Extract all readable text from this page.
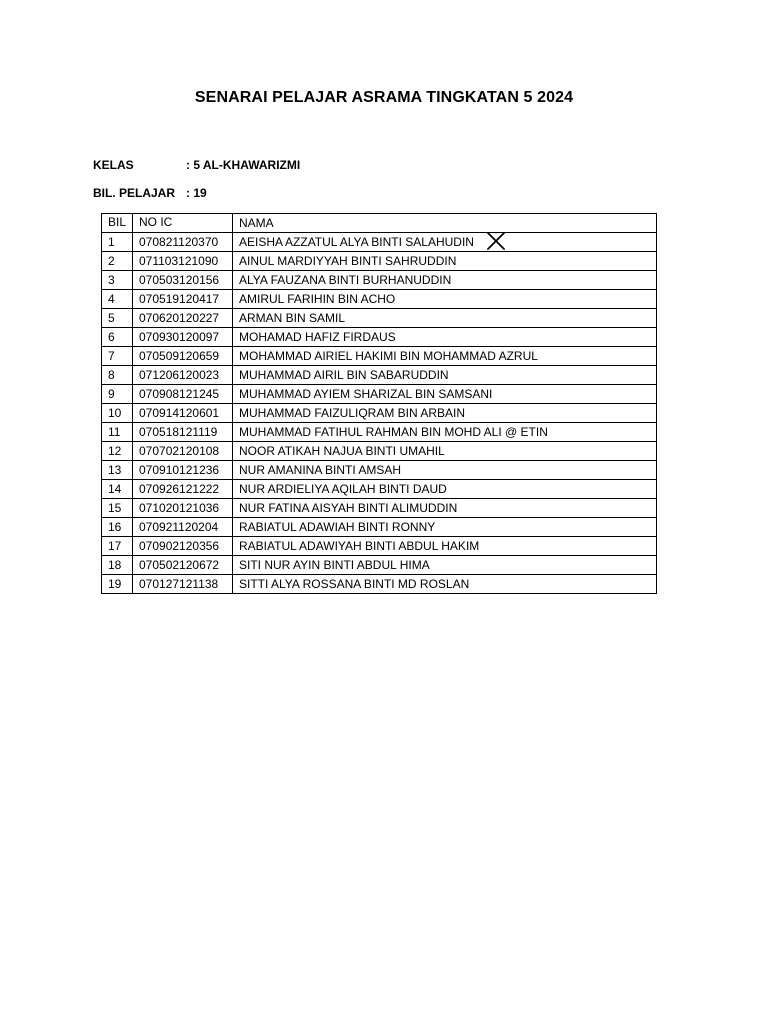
SENARAI PELAJAR ASRAMA TINGKATAN 5 2024
KELAS	: 5 AL-KHAWARIZMI
BIL. PELAJAR : 19
BIL	NO IC	NAMA
1	070821120370	AEISHA AZZATUL ALYA BINTI SALAHUDIN
2	071103121090	AINUL MARDIYYAH BINTI SAHRUDDIN
3	070503120156	ALYA FAUZANA BINTI BURHANUDDIN
4	070519120417	AMIRUL FARIHIN BIN ACHO
5	070620120227	ARMAN BIN SAMIL
6	070930120097	MOHAMAD HAFIZ FIRDAUS
7	070509120659	MOHAMMAD AIRIEL HAKIMI BIN MOHAMMAD AZRUL
8	071206120023	MUHAMMAD AIRIL BIN SABARUDDIN
9	070908121245	MUHAMMAD AYIEM SHARIZAL BIN SAMSANI
10	070914120601	MUHAMMAD FAIZULIQRAM BIN ARBAIN
11	070518121119	MUHAMMAD FATIHUL RAHMAN BIN MOHD ALI @ ETIN
12	070702120108	NOOR ATIKAH NAJUA BINTI UMAHIL
13	070910121236	NUR AMANINA BINTI AMSAH
14	070926121222	NUR ARDIELIYA AQILAH BINTI DAUD
15	071020121036	NUR FATINA AISYAH BINTI ALIMUDDIN
16	070921120204	RABIATUL ADAWIAH BINTI RONNY
17	070902120356	RABIATUL ADAWIYAH BINTI ABDUL HAKIM
18	070502120672	SITI NUR AYIN BINTI ABDUL HIMA
19	070127121138	SITTI ALYA ROSSANA BINTI MD ROSLAN
